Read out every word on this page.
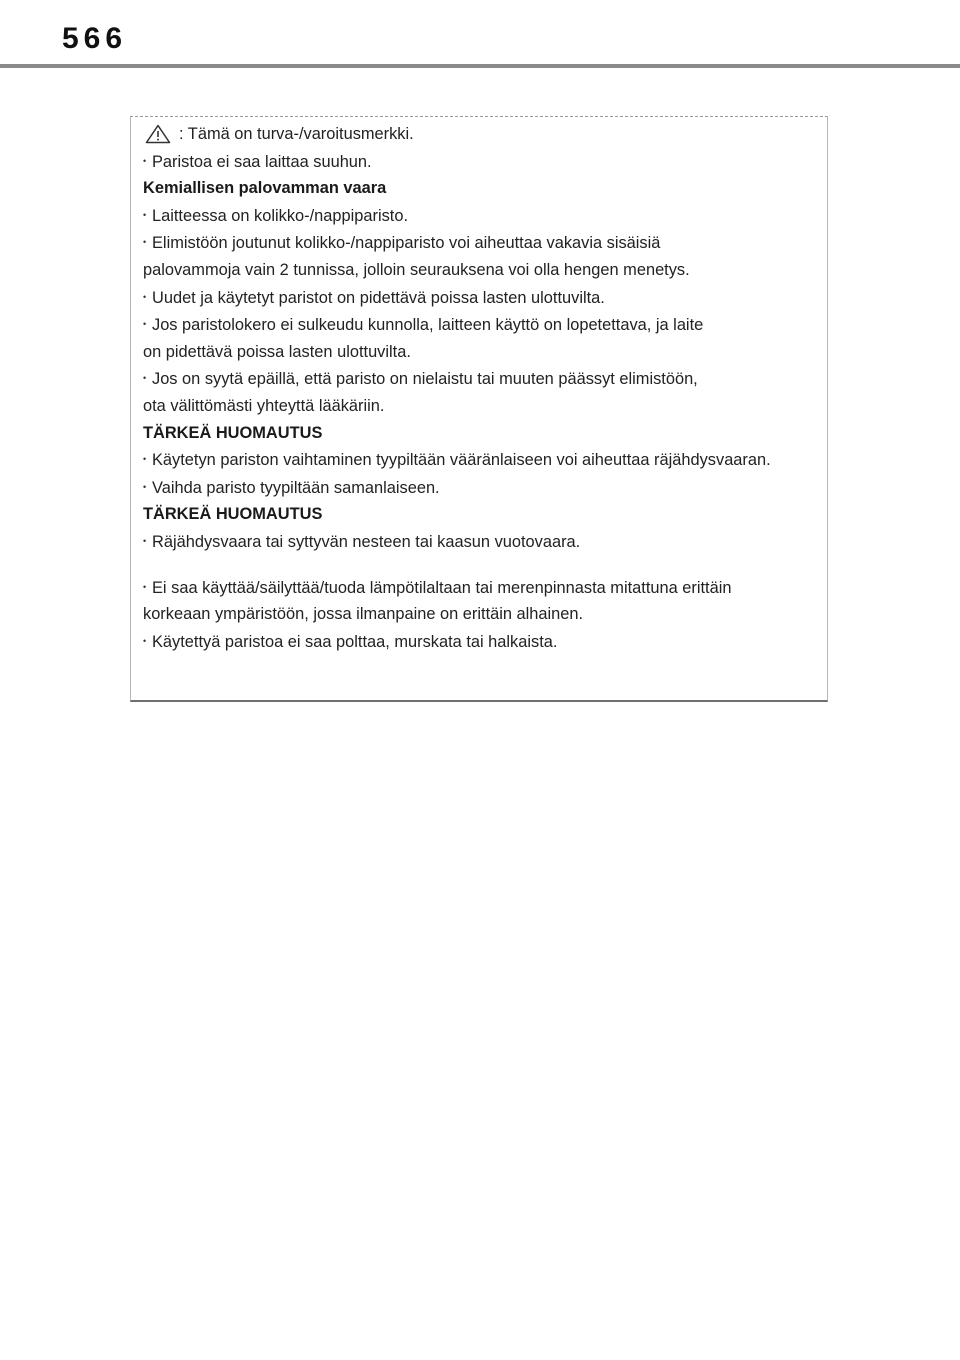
566
: Tämä on turva-/varoitusmerkki.
• Paristoa ei saa laittaa suuhun.
Kemiallisen palovamman vaara
• Laitteessa on kolikko-/nappiparisto.
• Elimistöön joutunut kolikko-/nappiparisto voi aiheuttaa vakavia sisäisiä
palovammoja vain 2 tunnissa, jolloin seurauksena voi olla hengen menetys.
• Uudet ja käytetyt paristot on pidettävä poissa lasten ulottuvilta.
• Jos paristolokero ei sulkeudu kunnolla, laitteen käyttö on lopetettava, ja laite
on pidettävä poissa lasten ulottuvilta.
• Jos on syytä epäillä, että paristo on nielaistu tai muuten päässyt elimistöön,
ota välittömästi yhteyttä lääkäriin.
TÄRKEÄ HUOMAUTUS
• Käytetyn pariston vaihtaminen tyypiltään vääränlaiseen voi aiheuttaa räjähdysvaaran.
• Vaihda paristo tyypiltään samanlaiseen.
TÄRKEÄ HUOMAUTUS
• Räjähdysvaara tai syttyvän nesteen tai kaasun vuotovaara.
• Ei saa käyttää/säilyttää/tuoda lämpötilaltaan tai merenpinnasta mitattuna erittäin
korkeaan ympäristöön, jossa ilmanpaine on erittäin alhainen.
• Käytettyä paristoa ei saa polttaa, murskata tai halkaista.
